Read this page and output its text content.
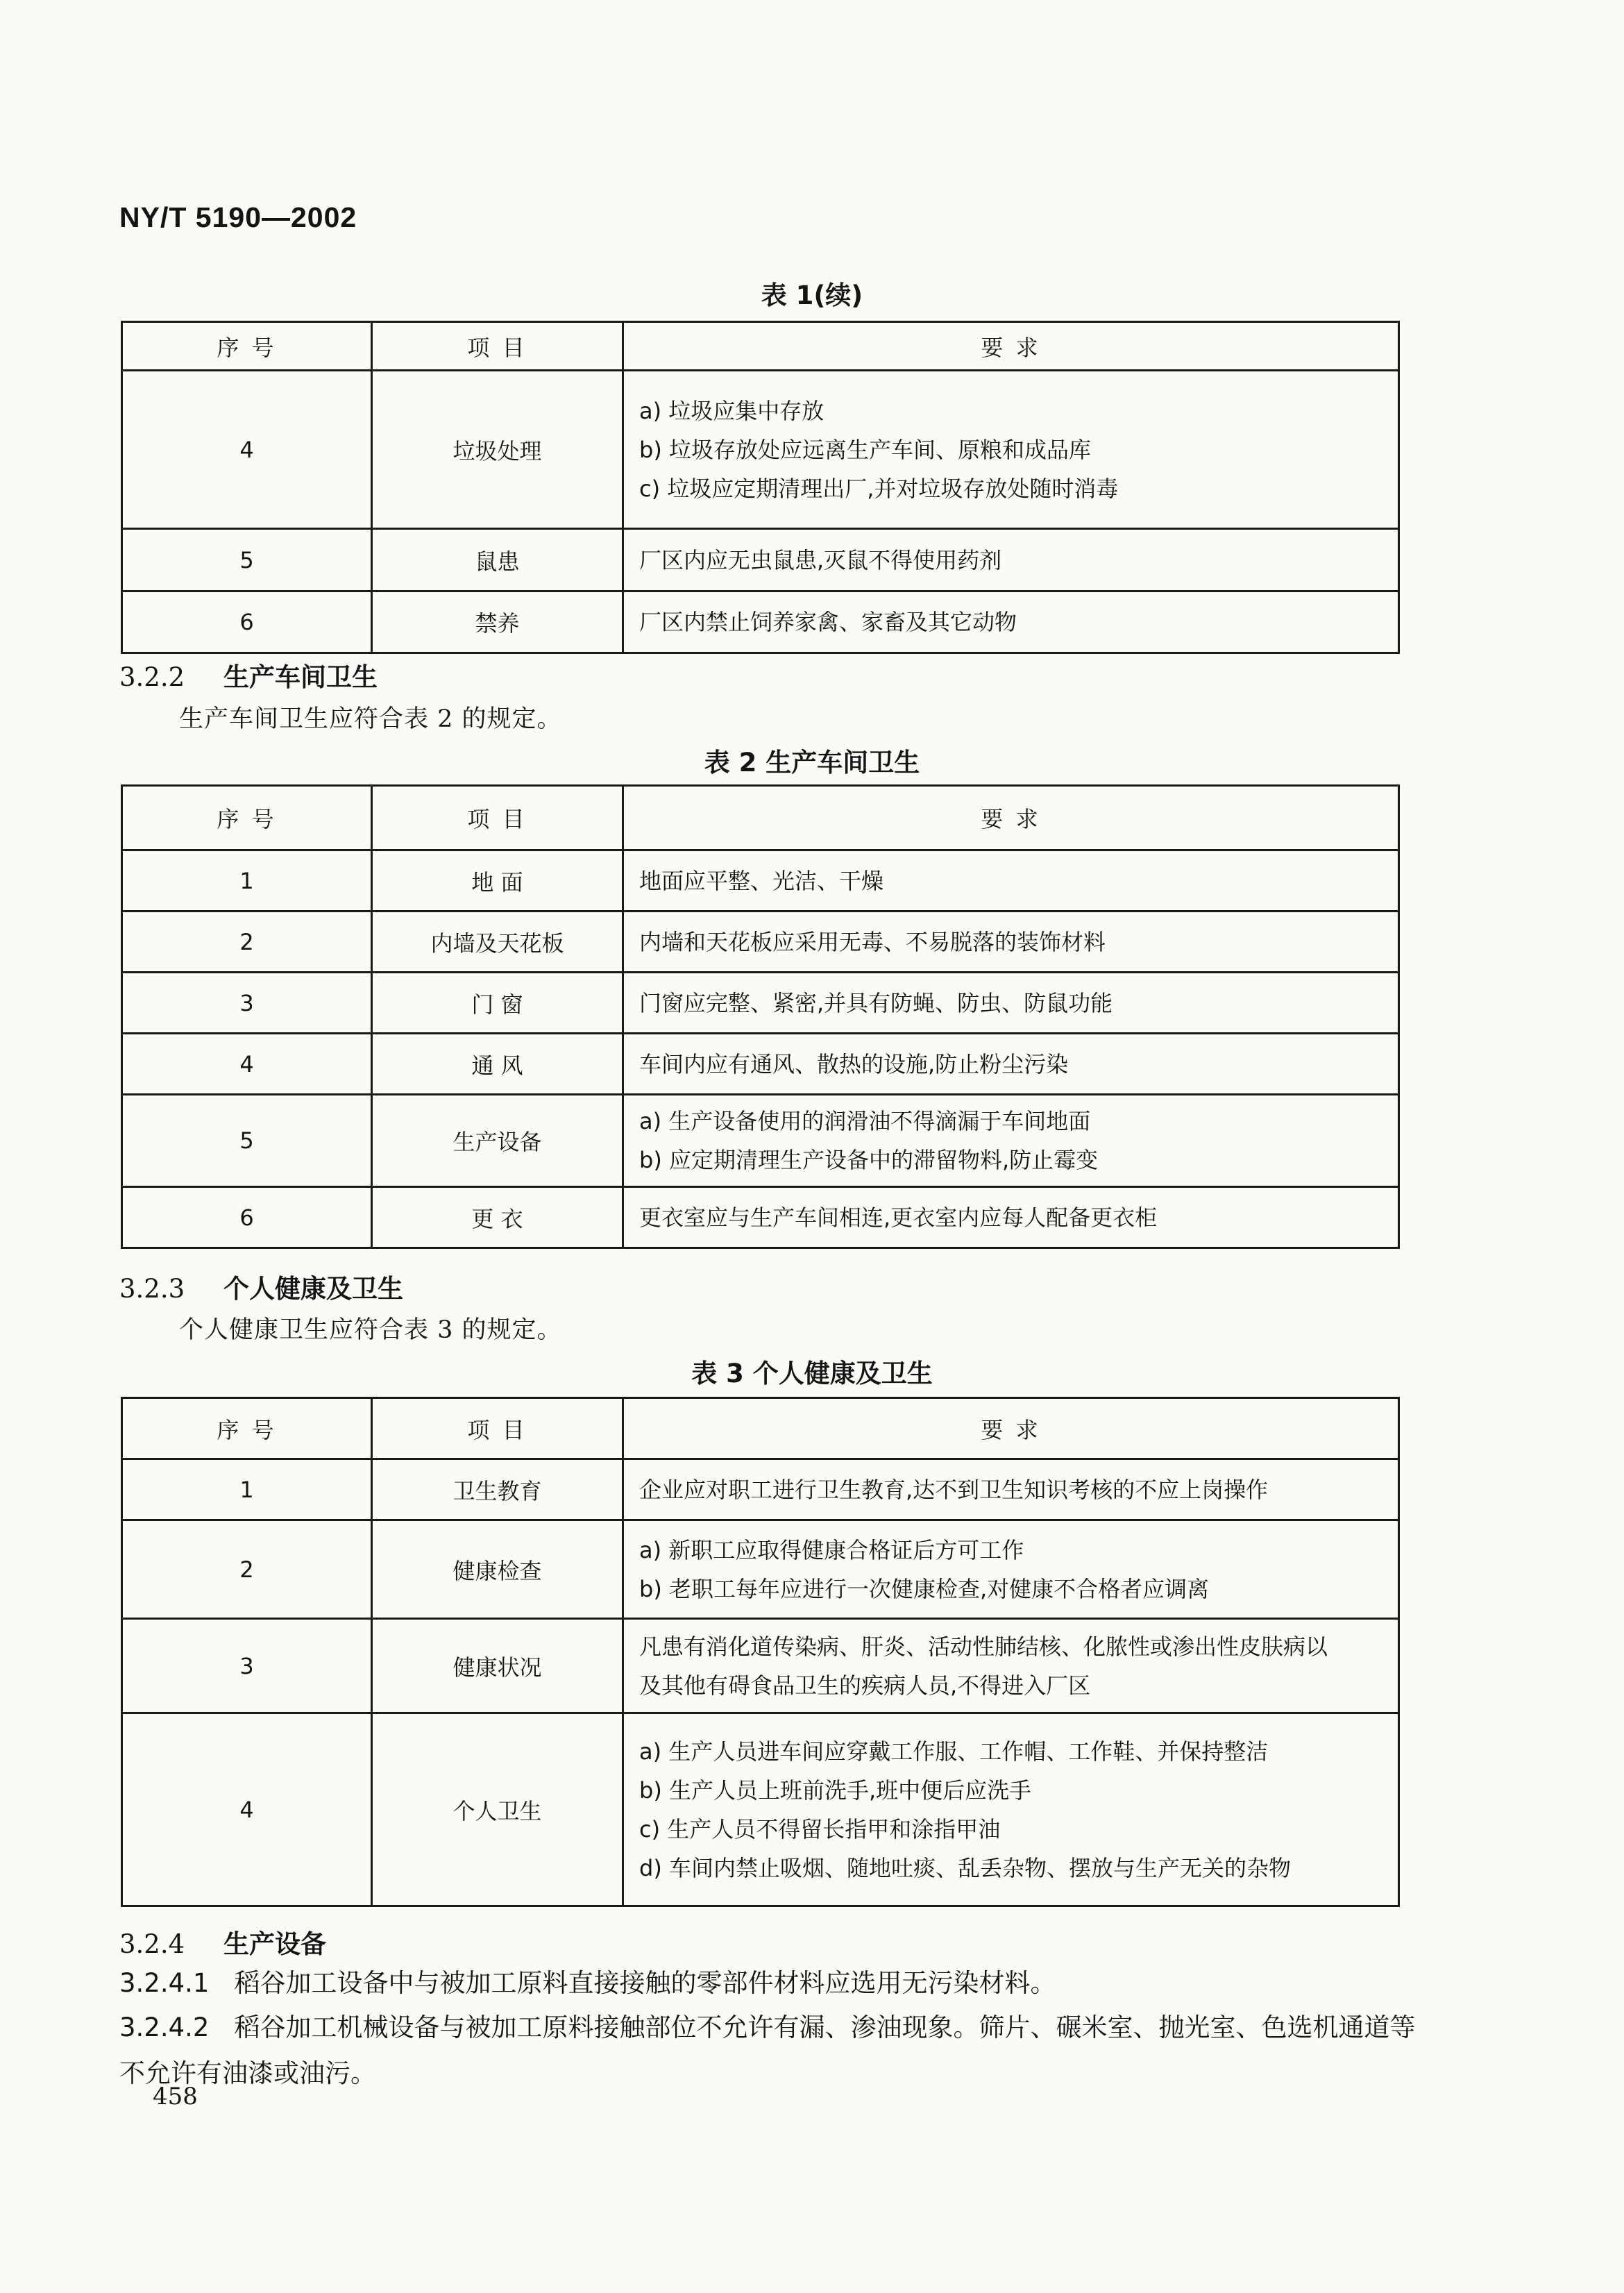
NY/T 5190—2002
表 1(续)
序 号	项 目	要 求
4	垃圾处理	a) 垃圾应集中存放
b) 垃圾存放处应远离生产车间、原粮和成品库
c) 垃圾应定期清理出厂,并对垃圾存放处随时消毒

5	鼠患	厂区内应无虫鼠患,灭鼠不得使用药剂

6	禁养	厂区内禁止饲养家禽、家畜及其它动物
3.2.2 生产车间卫生
生产车间卫生应符合表 2 的规定。
表 2 生产车间卫生
序 号	项 目	要 求
1	地 面	地面应平整、光洁、干燥

2	内墙及天花板	内墙和天花板应采用无毒、不易脱落的装饰材料

3	门 窗	门窗应完整、紧密,并具有防蝇、防虫、防鼠功能

4	通 风	车间内应有通风、散热的设施,防止粉尘污染

5	生产设备	a) 生产设备使用的润滑油不得滴漏于车间地面
b) 应定期清理生产设备中的滞留物料,防止霉变

6	更 衣	更衣室应与生产车间相连,更衣室内应每人配备更衣柜
3.2.3 个人健康及卫生
个人健康卫生应符合表 3 的规定。
表 3 个人健康及卫生
序 号	项 目	要 求
1	卫生教育	企业应对职工进行卫生教育,达不到卫生知识考核的不应上岗操作

2	健康检查	a) 新职工应取得健康合格证后方可工作
b) 老职工每年应进行一次健康检查,对健康不合格者应调离

3	健康状况	凡患有消化道传染病、肝炎、活动性肺结核、化脓性或渗出性皮肤病以
及其他有碍食品卫生的疾病人员,不得进入厂区

4	个人卫生	a) 生产人员进车间应穿戴工作服、工作帽、工作鞋、并保持整洁
b) 生产人员上班前洗手,班中便后应洗手
c) 生产人员不得留长指甲和涂指甲油
d) 车间内禁止吸烟、随地吐痰、乱丢杂物、摆放与生产无关的杂物
3.2.4 生产设备
3.2.4.1 稻谷加工设备中与被加工原料直接接触的零部件材料应选用无污染材料。
3.2.4.2 稻谷加工机械设备与被加工原料接触部位不允许有漏、渗油现象。筛片、碾米室、抛光室、色选机通道等不允许有油漆或油污。
458
